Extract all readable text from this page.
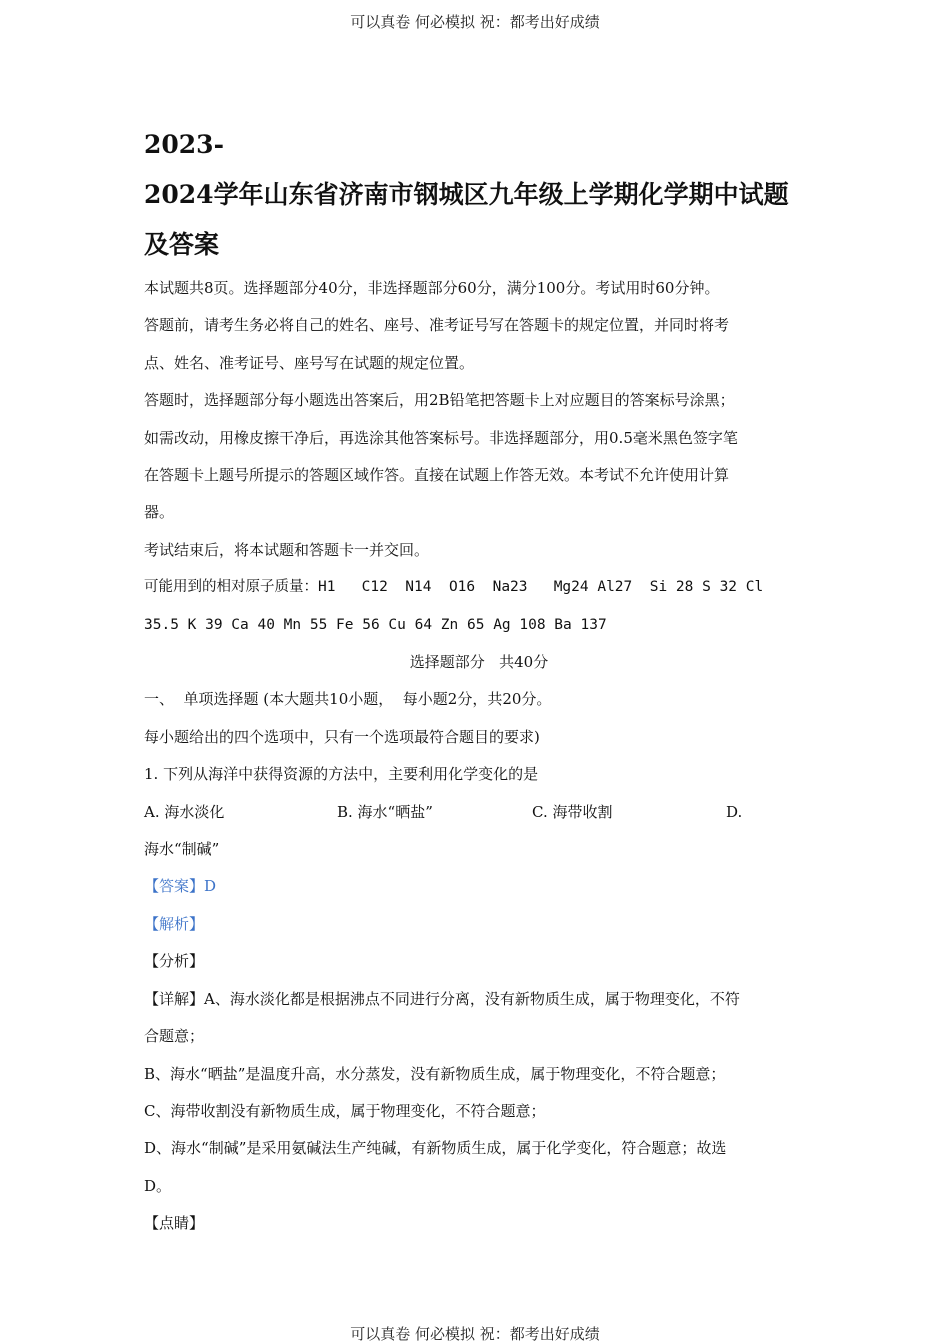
可以真卷 何必模拟 祝：都考出好成绩

2023-

2024学年山东省济南市钢城区九年级上学期化学期中试题

及答案

本试题共8页。选择题部分40分，非选择题部分60分，满分100分。考试用时60分钟。

答题前，请考生务必将自己的姓名、座号、准考证号写在答题卡的规定位置，并同时将考

点、姓名、准考证号、座号写在试题的规定位置。

答题时，选择题部分每小题选出答案后，用2B铅笔把答题卡上对应题目的答案标号涂黑；

如需改动，用橡皮擦干净后，再选涂其他答案标号。非选择题部分，用0.5毫米黑色签字笔

在答题卡上题号所提示的答题区域作答。直接在试题上作答无效。本考试不允许使用计算

器。

考试结束后，将本试题和答题卡一并交回。

可能用到的相对原子质量：H1   C12  N14  O16  Na23   Mg24 Al27  Si 28 S 32 Cl

35.5 K 39 Ca 40 Mn 55 Fe 56 Cu 64 Zn 65 Ag 108 Ba 137

选择题部分   共40分

一、  单项选择题 (本大题共10小题，  每小题2分，共20分。

每小题给出的四个选项中，只有一个选项最符合题目的要求)

1. 下列从海洋中获得资源的方法中，主要利用化学变化的是

A. 海水淡化	B. 海水“晒盐”	C. 海带收割	D.

海水“制碱”

【答案】D

【解析】

【分析】

【详解】A、海水淡化都是根据沸点不同进行分离，没有新物质生成，属于物理变化，不符

合题意；

B、海水“晒盐”是温度升高，水分蒸发，没有新物质生成，属于物理变化，不符合题意；

C、海带收割没有新物质生成，属于物理变化，不符合题意；

D、海水“制碱”是采用氨碱法生产纯碱，有新物质生成，属于化学变化，符合题意；故选

D。

【点睛】

可以真卷 何必模拟 祝：都考出好成绩
